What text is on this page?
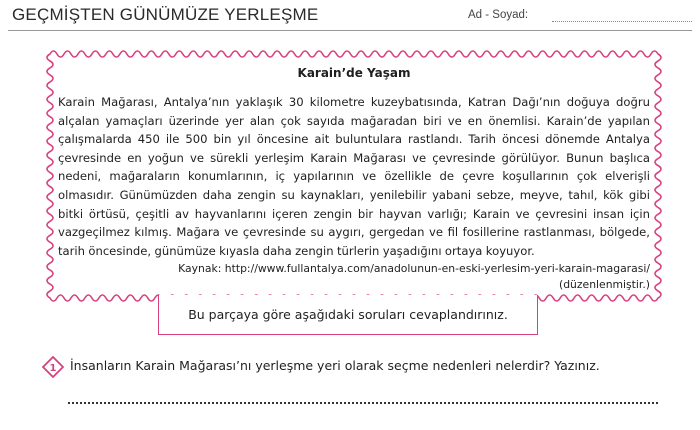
GEÇMİŞTEN GÜNÜMÜZE YERLEŞME	Ad - Soyad:
Karain’de Yaşam

Karain Mağarası, Antalya’nın yaklaşık 30 kilometre kuzeybatısında, Katran Dağı’nın doğuya doğru alçalan yamaçları üzerinde yer alan çok sayıda mağaradan biri ve en önemlisi. Karain’de yapılan çalışmalarda 450 ile 500 bin yıl öncesine ait buluntulara rastlandı. Tarih öncesi dönemde Antalya çevresinde en yoğun ve sürekli yerleşim Karain Mağarası ve çevresinde görülüyor. Bunun başlıca nedeni, mağaraların konumlarının, iç yapılarının ve özellikle de çevre koşullarının çok elverişli olmasıdır. Günümüzden daha zengin su kaynakları, yenilebilir yabani sebze, meyve, tahıl, kök gibi bitki örtüsü, çeşitli av hayvanlarını içeren zengin bir hayvan varlığı; Karain ve çevresini insan için vazgeçilmez kılmış. Mağara ve çevresinde su aygırı, gergedan ve fil fosillerine rastlanması, bölgede, tarih öncesinde, günümüze kıyasla daha zengin türlerin yaşadığını ortaya koyuyor.

Kaynak: http://www.fullantalya.com/anadolunun-en-eski-yerlesim-yeri-karain-magarasi/
(düzenlenmiştir.)

Bu parçaya göre aşağıdaki soruları cevaplandırınız.
1 İnsanların Karain Mağarası’nı yerleşme yeri olarak seçme nedenleri nelerdir? Yazınız.
